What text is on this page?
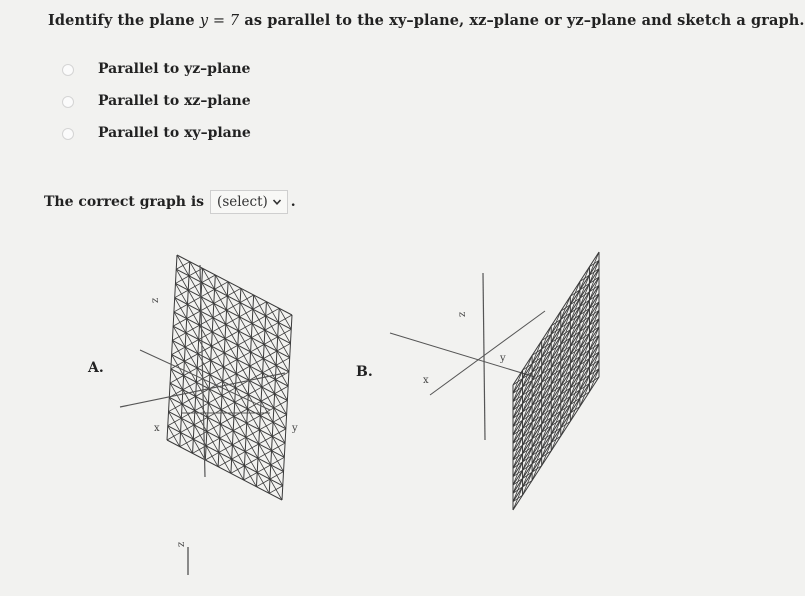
Identify the plane y = 7 as parallel to the xy–plane, xz–plane or yz–plane and sketch a graph.
Parallel to yz–plane
Parallel to xz–plane
Parallel to xy–plane
The correct graph is (select) .
A.	B.
z
x	y
z
z
x
y
